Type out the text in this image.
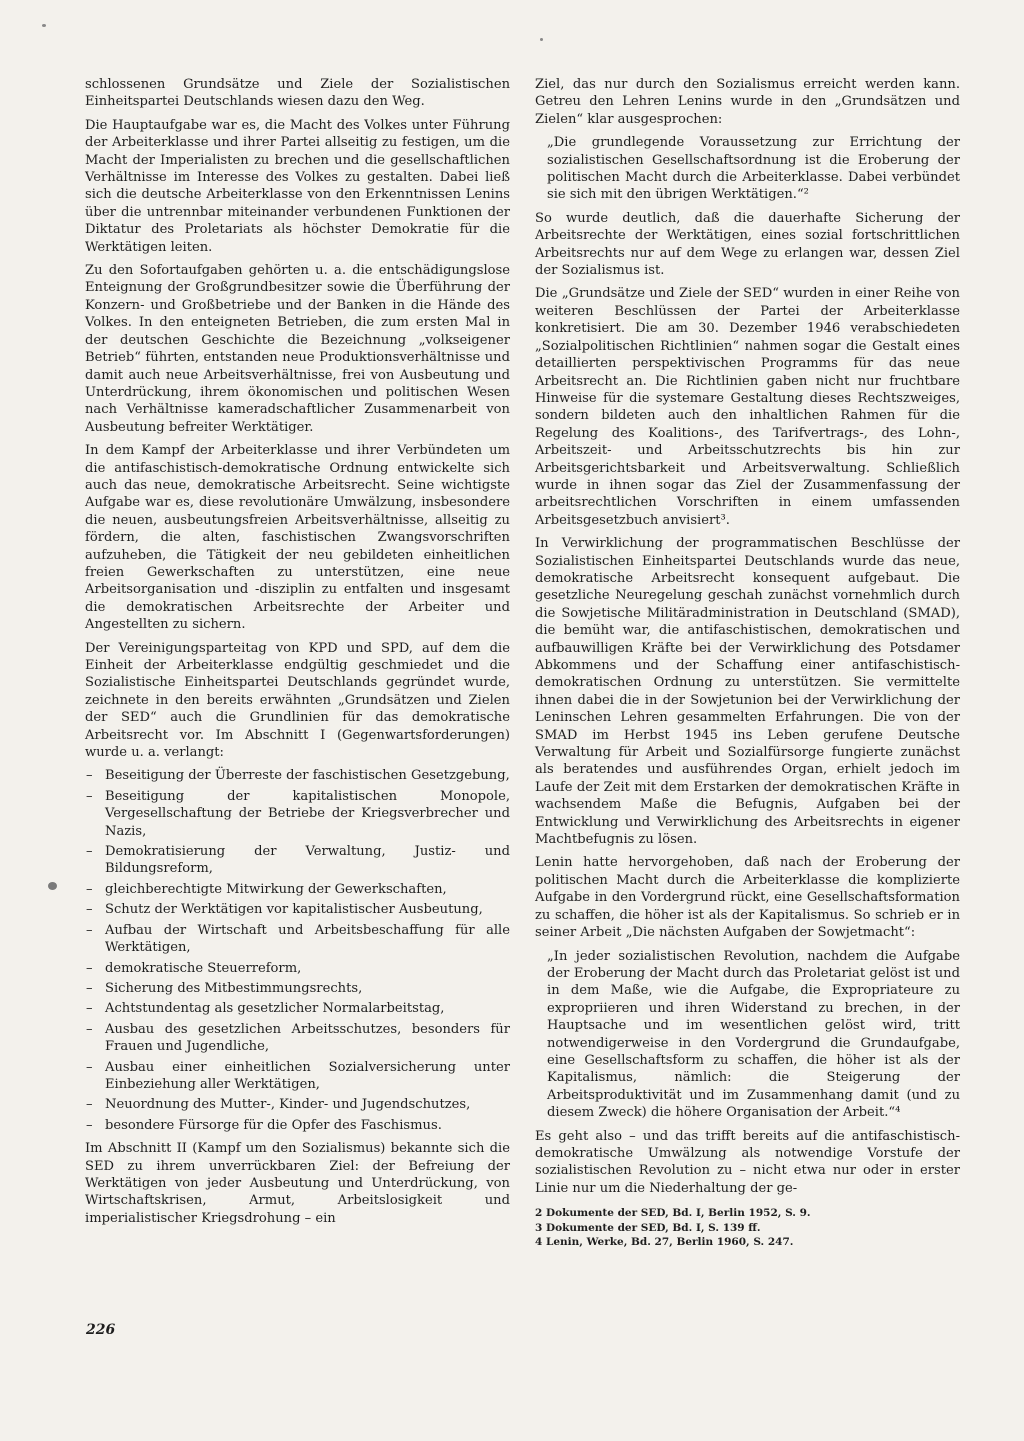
schlossenen Grundsätze und Ziele der Sozialistischen Einheitspartei Deutschlands wiesen dazu den Weg.

Die Hauptaufgabe war es, die Macht des Volkes unter Führung der Arbeiterklasse und ihrer Partei allseitig zu festigen, um die Macht der Imperialisten zu brechen und die gesellschaftlichen Verhältnisse im Interesse des Volkes zu gestalten. Dabei ließ sich die deutsche Arbeiterklasse von den Erkenntnissen Lenins über die untrennbar miteinander verbundenen Funktionen der Diktatur des Proletariats als höchster Demokratie für die Werktätigen leiten.

Zu den Sofortaufgaben gehörten u. a. die entschädigungslose Enteignung der Großgrundbesitzer sowie die Überführung der Konzern- und Großbetriebe und der Banken in die Hände des Volkes. In den enteigneten Betrieben, die zum ersten Mal in der deutschen Geschichte die Bezeichnung „volkseigener Betrieb“ führten, entstanden neue Produktionsverhältnisse und damit auch neue Arbeitsverhältnisse, frei von Ausbeutung und Unterdrückung, ihrem ökonomischen und politischen Wesen nach Verhältnisse kameradschaftlicher Zusammenarbeit von Ausbeutung befreiter Werktätiger.

In dem Kampf der Arbeiterklasse und ihrer Verbündeten um die antifaschistisch-demokratische Ordnung entwickelte sich auch das neue, demokratische Arbeitsrecht. Seine wichtigste Aufgabe war es, diese revolutionäre Umwälzung, insbesondere die neuen, ausbeutungsfreien Arbeitsverhältnisse, allseitig zu fördern, die alten, faschistischen Zwangsvorschriften aufzuheben, die Tätigkeit der neu gebildeten einheitlichen freien Gewerkschaften zu unterstützen, eine neue Arbeitsorganisation und -disziplin zu entfalten und insgesamt die demokratischen Arbeitsrechte der Arbeiter und Angestellten zu sichern.

Der Vereinigungsparteitag von KPD und SPD, auf dem die Einheit der Arbeiterklasse endgültig geschmiedet und die Sozialistische Einheitspartei Deutschlands gegründet wurde, zeichnete in den bereits erwähnten „Grundsätzen und Zielen der SED“ auch die Grundlinien für das demokratische Arbeitsrecht vor. Im Abschnitt I (Gegenwartsforderungen) wurde u. a. verlangt:

– Beseitigung der Überreste der faschistischen Gesetzgebung,
– Beseitigung der kapitalistischen Monopole, Vergesellschaftung der Betriebe der Kriegsverbrecher und Nazis,
– Demokratisierung der Verwaltung, Justiz- und Bildungsreform,
– gleichberechtigte Mitwirkung der Gewerkschaften,
– Schutz der Werktätigen vor kapitalistischer Ausbeutung,
– Aufbau der Wirtschaft und Arbeitsbeschaffung für alle Werktätigen,
– demokratische Steuerreform,
– Sicherung des Mitbestimmungsrechts,
– Achtstundentag als gesetzlicher Normalarbeitstag,
– Ausbau des gesetzlichen Arbeitsschutzes, besonders für Frauen und Jugendliche,
– Ausbau einer einheitlichen Sozialversicherung unter Einbeziehung aller Werktätigen,
– Neuordnung des Mutter-, Kinder- und Jugendschutzes,
– besondere Fürsorge für die Opfer des Faschismus.

Im Abschnitt II (Kampf um den Sozialismus) bekannte sich die SED zu ihrem unverrückbaren Ziel: der Befreiung der Werktätigen von jeder Ausbeutung und Unterdrückung, von Wirtschaftskrisen, Armut, Arbeitslosigkeit und imperialistischer Kriegsdrohung – ein

Ziel, das nur durch den Sozialismus erreicht werden kann. Getreu den Lehren Lenins wurde in den „Grundsätzen und Zielen“ klar ausgesprochen:

„Die grundlegende Voraussetzung zur Errichtung der sozialistischen Gesellschaftsordnung ist die Eroberung der politischen Macht durch die Arbeiterklasse. Dabei verbündet sie sich mit den übrigen Werktätigen.“²

So wurde deutlich, daß die dauerhafte Sicherung der Arbeitsrechte der Werktätigen, eines sozial fortschrittlichen Arbeitsrechts nur auf dem Wege zu erlangen war, dessen Ziel der Sozialismus ist.

Die „Grundsätze und Ziele der SED“ wurden in einer Reihe von weiteren Beschlüssen der Partei der Arbeiterklasse konkretisiert. Die am 30. Dezember 1946 verabschiedeten „Sozialpolitischen Richtlinien“ nahmen sogar die Gestalt eines detaillierten perspektivischen Programms für das neue Arbeitsrecht an. Die Richtlinien gaben nicht nur fruchtbare Hinweise für die systemare Gestaltung dieses Rechtszweiges, sondern bildeten auch den inhaltlichen Rahmen für die Regelung des Koalitions-, des Tarifvertrags-, des Lohn-, Arbeitszeit- und Arbeitsschutzrechts bis hin zur Arbeitsgerichtsbarkeit und Arbeitsverwaltung. Schließlich wurde in ihnen sogar das Ziel der Zusammenfassung der arbeitsrechtlichen Vorschriften in einem umfassenden Arbeitsgesetzbuch anvisiert³.

In Verwirklichung der programmatischen Beschlüsse der Sozialistischen Einheitspartei Deutschlands wurde das neue, demokratische Arbeitsrecht konsequent aufgebaut. Die gesetzliche Neuregelung geschah zunächst vornehmlich durch die Sowjetische Militäradministration in Deutschland (SMAD), die bemüht war, die antifaschistischen, demokratischen und aufbauwilligen Kräfte bei der Verwirklichung des Potsdamer Abkommens und der Schaffung einer antifaschistisch-demokratischen Ordnung zu unterstützen. Sie vermittelte ihnen dabei die in der Sowjetunion bei der Verwirklichung der Leninschen Lehren gesammelten Erfahrungen. Die von der SMAD im Herbst 1945 ins Leben gerufene Deutsche Verwaltung für Arbeit und Sozialfürsorge fungierte zunächst als beratendes und ausführendes Organ, erhielt jedoch im Laufe der Zeit mit dem Erstarken der demokratischen Kräfte in wachsendem Maße die Befugnis, Aufgaben bei der Entwicklung und Verwirklichung des Arbeitsrechts in eigener Machtbefugnis zu lösen.

Lenin hatte hervorgehoben, daß nach der Eroberung der politischen Macht durch die Arbeiterklasse die komplizierte Aufgabe in den Vordergrund rückt, eine Gesellschaftsformation zu schaffen, die höher ist als der Kapitalismus. So schrieb er in seiner Arbeit „Die nächsten Aufgaben der Sowjetmacht“:

„In jeder sozialistischen Revolution, nachdem die Aufgabe der Eroberung der Macht durch das Proletariat gelöst ist und in dem Maße, wie die Aufgabe, die Expropriateure zu expropriieren und ihren Widerstand zu brechen, in der Hauptsache und im wesentlichen gelöst wird, tritt notwendigerweise in den Vordergrund die Grundaufgabe, eine Gesellschaftsform zu schaffen, die höher ist als der Kapitalismus, nämlich: die Steigerung der Arbeitsproduktivität und im Zusammenhang damit (und zu diesem Zweck) die höhere Organisation der Arbeit.“⁴

Es geht also – und das trifft bereits auf die antifaschistisch-demokratische Umwälzung als notwendige Vorstufe der sozialistischen Revolution zu – nicht etwa nur oder in erster Linie nur um die Niederhaltung der ge-

2 Dokumente der SED, Bd. I, Berlin 1952, S. 9.

3 Dokumente der SED, Bd. I, S. 139 ff.

4 Lenin, Werke, Bd. 27, Berlin 1960, S. 247.

226
